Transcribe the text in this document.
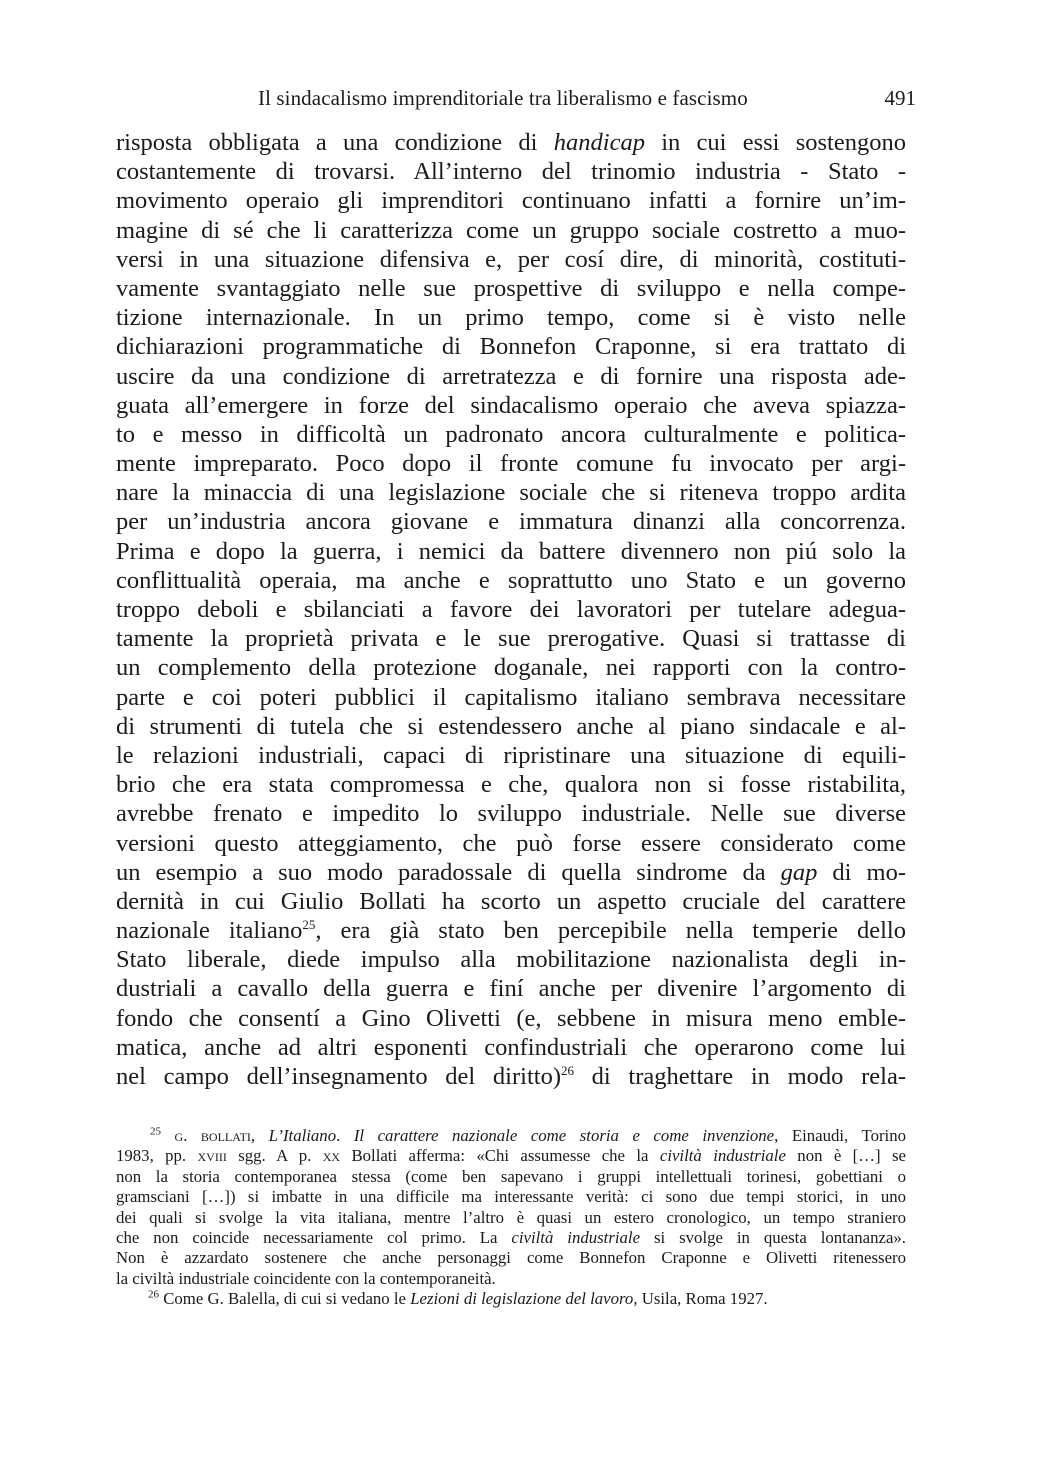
Il sindacalismo imprenditoriale tra liberalismo e fascismo	491
risposta obbligata a una condizione di handicap in cui essi sostengono
costantemente di trovarsi. All’interno del trinomio industria - Stato -
movimento operaio gli imprenditori continuano infatti a fornire un’im-
magine di sé che li caratterizza come un gruppo sociale costretto a muo-
versi in una situazione difensiva e, per cosí dire, di minorità, costituti-
vamente svantaggiato nelle sue prospettive di sviluppo e nella compe-
tizione internazionale. In un primo tempo, come si è visto nelle
dichiarazioni programmatiche di Bonnefon Craponne, si era trattato di
uscire da una condizione di arretratezza e di fornire una risposta ade-
guata all’emergere in forze del sindacalismo operaio che aveva spiazza-
to e messo in difficoltà un padronato ancora culturalmente e politica-
mente impreparato. Poco dopo il fronte comune fu invocato per argi-
nare la minaccia di una legislazione sociale che si riteneva troppo ardita
per un’industria ancora giovane e immatura dinanzi alla concorrenza.
Prima e dopo la guerra, i nemici da battere divennero non piú solo la
conflittualità operaia, ma anche e soprattutto uno Stato e un governo
troppo deboli e sbilanciati a favore dei lavoratori per tutelare adegua-
tamente la proprietà privata e le sue prerogative. Quasi si trattasse di
un complemento della protezione doganale, nei rapporti con la contro-
parte e coi poteri pubblici il capitalismo italiano sembrava necessitare
di strumenti di tutela che si estendessero anche al piano sindacale e al-
le relazioni industriali, capaci di ripristinare una situazione di equili-
brio che era stata compromessa e che, qualora non si fosse ristabilita,
avrebbe frenato e impedito lo sviluppo industriale. Nelle sue diverse
versioni questo atteggiamento, che può forse essere considerato come
un esempio a suo modo paradossale di quella sindrome da gap di mo-
dernità in cui Giulio Bollati ha scorto un aspetto cruciale del carattere
nazionale italiano$^{25}$, era già stato ben percepibile nella temperie dello
Stato liberale, diede impulso alla mobilitazione nazionalista degli in-
dustriali a cavallo della guerra e finí anche per divenire l’argomento di
fondo che consentí a Gino Olivetti (e, sebbene in misura meno emble-
matica, anche ad altri esponenti confindustriali che operarono come lui
nel campo dell’insegnamento del diritto)$^{26}$ di traghettare in modo rela-
$^{25}$ g. bollati, L’Italiano. Il carattere nazionale come storia e come invenzione, Einaudi, Torino
1983, pp. xviii sgg. A p. xx Bollati afferma: «Chi assumesse che la civiltà industriale non è […] se
non la storia contemporanea stessa (come ben sapevano i gruppi intellettuali torinesi, gobettiani o
gramsciani […]) si imbatte in una difficile ma interessante verità: ci sono due tempi storici, in uno
dei quali si svolge la vita italiana, mentre l’altro è quasi un estero cronologico, un tempo straniero
che non coincide necessariamente col primo. La civiltà industriale si svolge in questa lontananza».
Non è azzardato sostenere che anche personaggi come Bonnefon Craponne e Olivetti ritenessero
la civiltà industriale coincidente con la contemporaneità.
$^{26}$ Come G. Balella, di cui si vedano le Lezioni di legislazione del lavoro, Usila, Roma 1927.
